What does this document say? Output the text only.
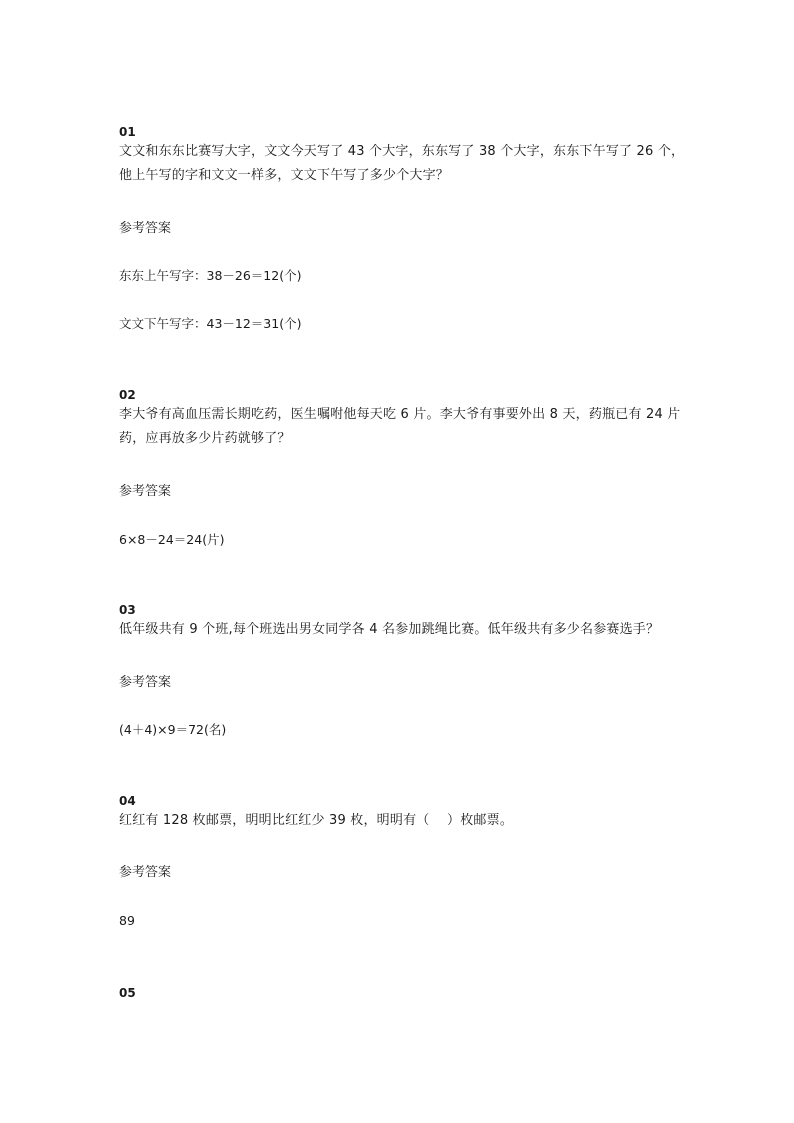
01

文文和东东比赛写大字，文文今天写了 43 个大字，东东写了 38 个大字，东东下午写了 26 个，他上午写的字和文文一样多，文文下午写了多少个大字？

参考答案

东东上午写字：38－26＝12(个)

文文下午写字：43－12＝31(个)

02

李大爷有高血压需长期吃药，医生嘱咐他每天吃 6 片。李大爷有事要外出 8 天，药瓶已有 24 片药，应再放多少片药就够了？

参考答案

6×8－24＝24(片)

03

低年级共有 9 个班,每个班选出男女同学各 4 名参加跳绳比赛。低年级共有多少名参赛选手？

参考答案

(4＋4)×9＝72(名)

04

红红有 128 枚邮票，明明比红红少 39 枚，明明有（　 ）枚邮票。

参考答案

89

05
